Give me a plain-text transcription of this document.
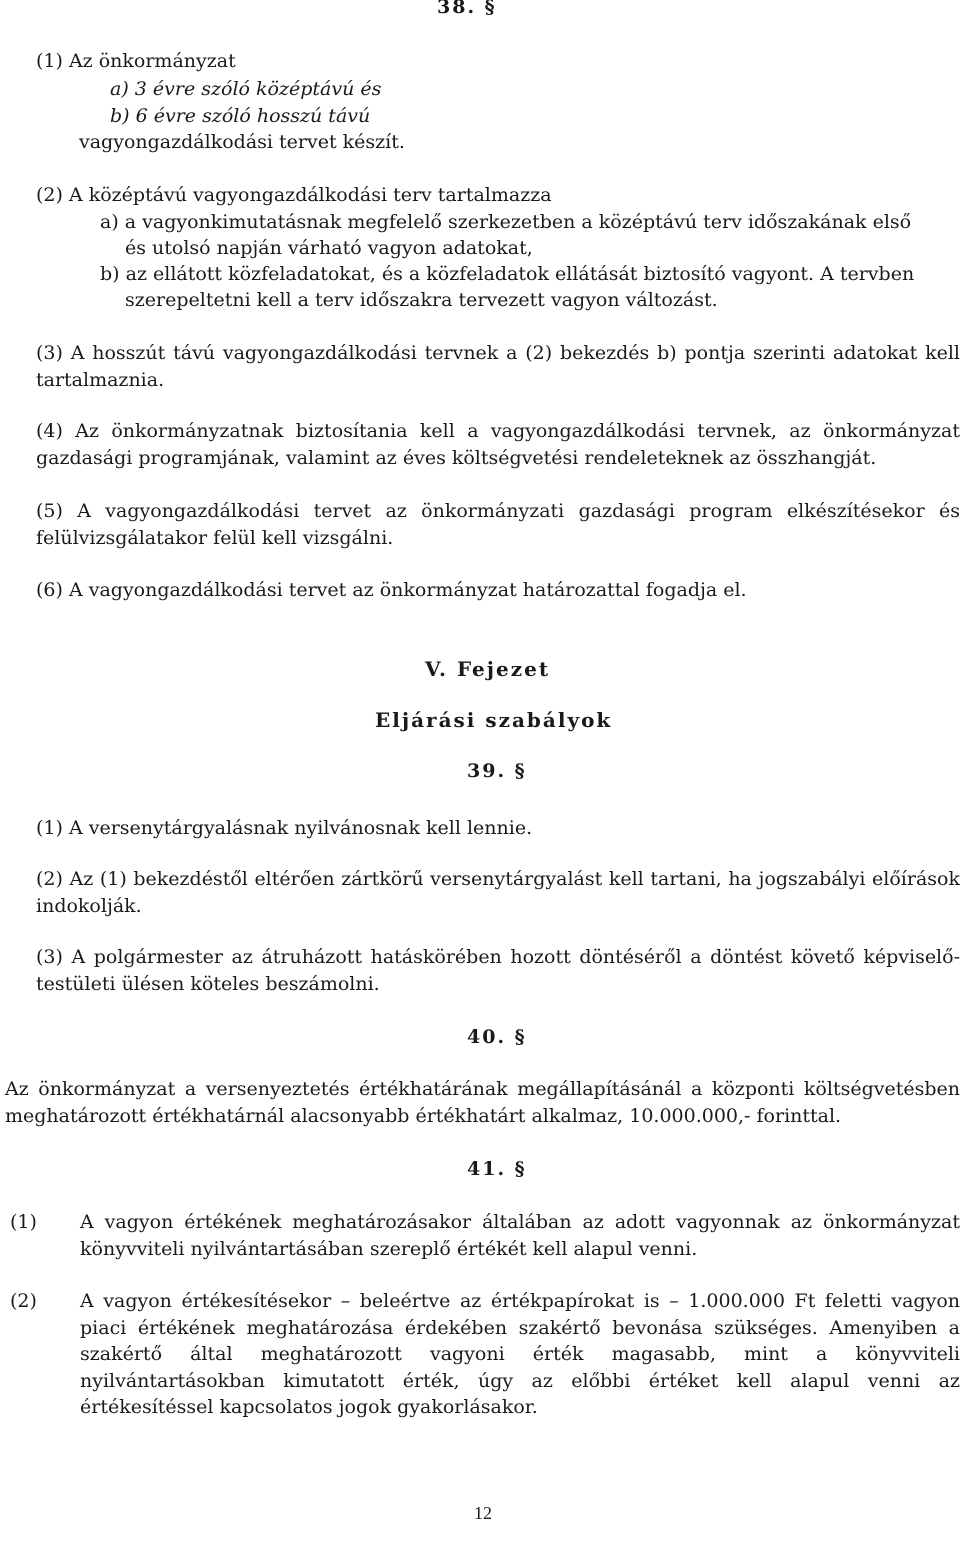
38. §
(1) Az önkormányzat
a) 3 évre szóló középtávú és
b) 6 évre szóló hosszú távú
vagyongazdálkodási tervet készít.
(2) A középtávú vagyongazdálkodási terv tartalmazza
a) a vagyonkimutatásnak megfelelő szerkezetben a középtávú terv időszakának első
és utolsó napján várható vagyon adatokat,
b) az ellátott közfeladatokat, és a közfeladatok ellátását biztosító vagyont. A tervben
szerepeltetni kell a terv időszakra tervezett vagyon változást.
(3) A hosszút távú vagyongazdálkodási tervnek a (2) bekezdés b) pontja szerinti adatokat kell tartalmaznia.
(4) Az önkormányzatnak biztosítania kell a vagyongazdálkodási tervnek, az önkormányzat gazdasági programjának, valamint az éves költségvetési rendeleteknek az összhangját.
(5) A vagyongazdálkodási tervet az önkormányzati gazdasági program elkészítésekor és felülvizsgálatakor felül kell vizsgálni.
(6) A vagyongazdálkodási tervet az önkormányzat határozattal fogadja el.
V. Fejezet
Eljárási szabályok
39. §
(1) A versenytárgyalásnak nyilvánosnak kell lennie.
(2) Az (1) bekezdéstől eltérően zártkörű versenytárgyalást kell tartani, ha jogszabályi előírások indokolják.
(3) A polgármester az átruházott hatáskörében hozott döntéséről a döntést követő képviselő-testületi ülésen köteles beszámolni.
40. §
Az önkormányzat a versenyeztetés értékhatárának megállapításánál a központi költségvetésben meghatározott értékhatárnál alacsonyabb értékhatárt alkalmaz, 10.000.000,- forinttal.
41. §
(1) A vagyon értékének meghatározásakor általában az adott vagyonnak az önkormányzat könyvviteli nyilvántartásában szereplő értékét kell alapul venni.
(2) A vagyon értékesítésekor – beleértve az értékpapírokat is – 1.000.000 Ft feletti vagyon piaci értékének meghatározása érdekében szakértő bevonása szükséges. Amenyiben a szakértő által meghatározott vagyoni érték magasabb, mint a könyvviteli nyilvántartásokban kimutatott érték, úgy az előbbi értéket kell alapul venni az értékesítéssel kapcsolatos jogok gyakorlásakor.
12
